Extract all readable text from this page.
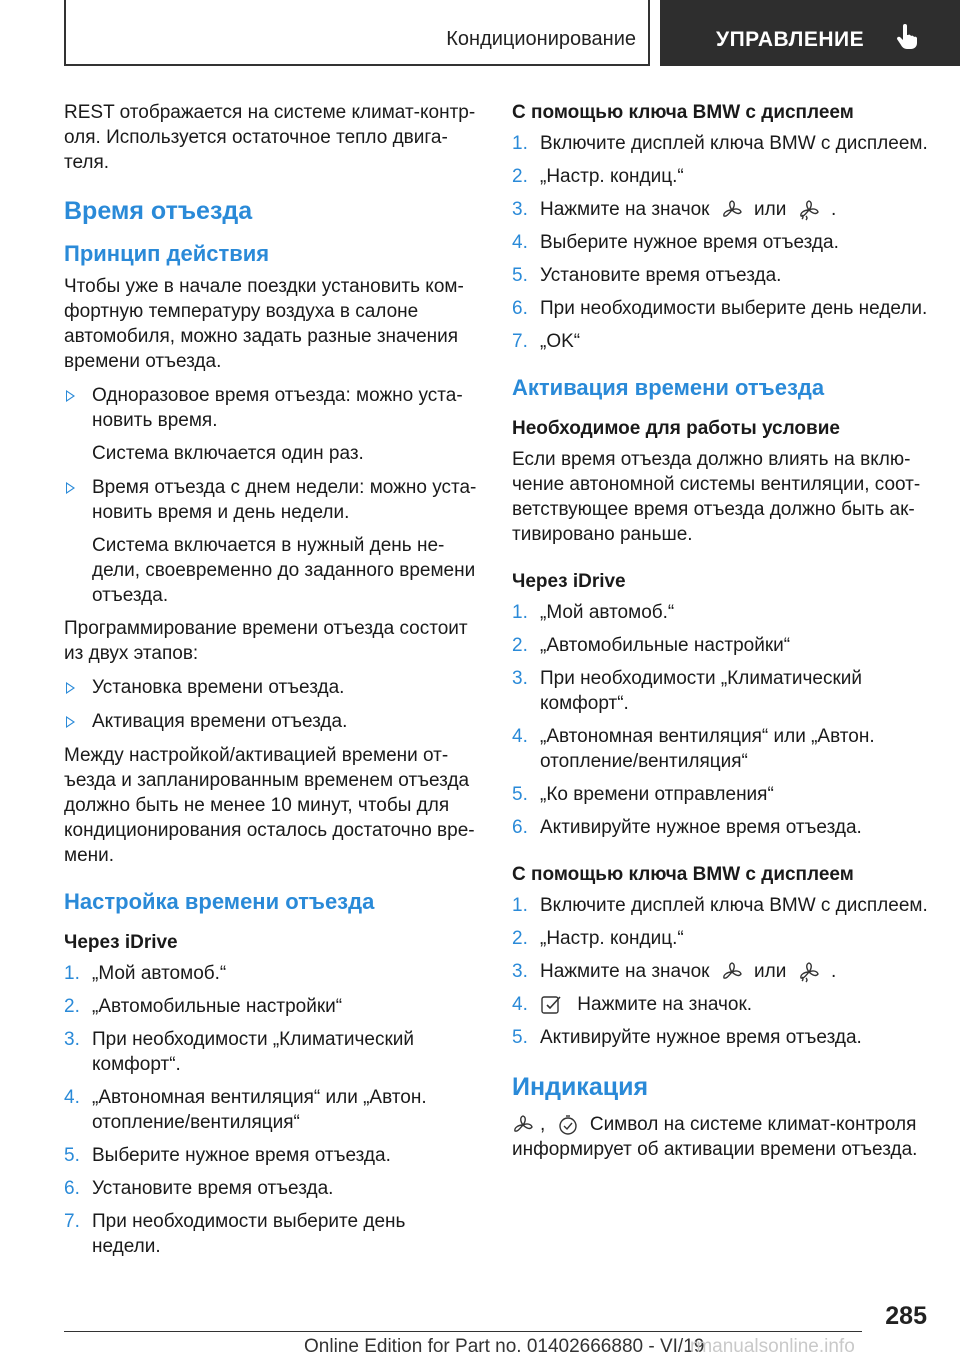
Кондиционирование	УПРАВЛЕНИЕ

REST отображается на системе климат-контроля. Используется остаточное тепло двигателя.

Время отъезда

Принцип действия

Чтобы уже в начале поездки установить комфортную температуру воздуха в салоне автомобиля, можно задать разные значения времени отъезда.

Одноразовое время отъезда: можно установить время.

Система включается один раз.

Время отъезда с днем недели: можно установить время и день недели.

Система включается в нужный день недели, своевременно до заданного времени отъезда.

Программирование времени отъезда состоит из двух этапов:

Установка времени отъезда.
Активация времени отъезда.

Между настройкой/активацией времени отъезда и запланированным временем отъезда должно быть не менее 10 минут, чтобы для кондиционирования осталось достаточно времени.

Настройка времени отъезда

Через iDrive

1. „Мой автомоб.“
2. „Автомобильные настройки“
3. При необходимости „Климатический комфорт“.
4. „Автономная вентиляция“ или „Автон. отопление/вентиляция“
5. Выберите нужное время отъезда.
6. Установите время отъезда.
7. При необходимости выберите день недели.

С помощью ключа BMW с дисплеем

1. Включите дисплей ключа BMW с дисплеем.
2. „Настр. кондиц.“
3. Нажмите на значок или .
4. Выберите нужное время отъезда.
5. Установите время отъезда.
6. При необходимости выберите день недели.
7. „OK“

Активация времени отъезда

Необходимое для работы условие

Если время отъезда должно влиять на включение автономной системы вентиляции, соответствующее время отъезда должно быть активировано раньше.

Через iDrive

1. „Мой автомоб.“
2. „Автомобильные настройки“
3. При необходимости „Климатический комфорт“.
4. „Автономная вентиляция“ или „Автон. отопление/вентиляция“
5. „Ко времени отправления“
6. Активируйте нужное время отъезда.

С помощью ключа BMW с дисплеем

1. Включите дисплей ключа BMW с дисплеем.
2. „Настр. кондиц.“
3. Нажмите на значок или .
4.	Нажмите на значок.
5. Активируйте нужное время отъезда.

Индикация

, Символ на системе климат-контроля информирует об активации времени отъезда.

285
Online Edition for Part no. 01402666880 - VI/19
rmanualsonline.info
